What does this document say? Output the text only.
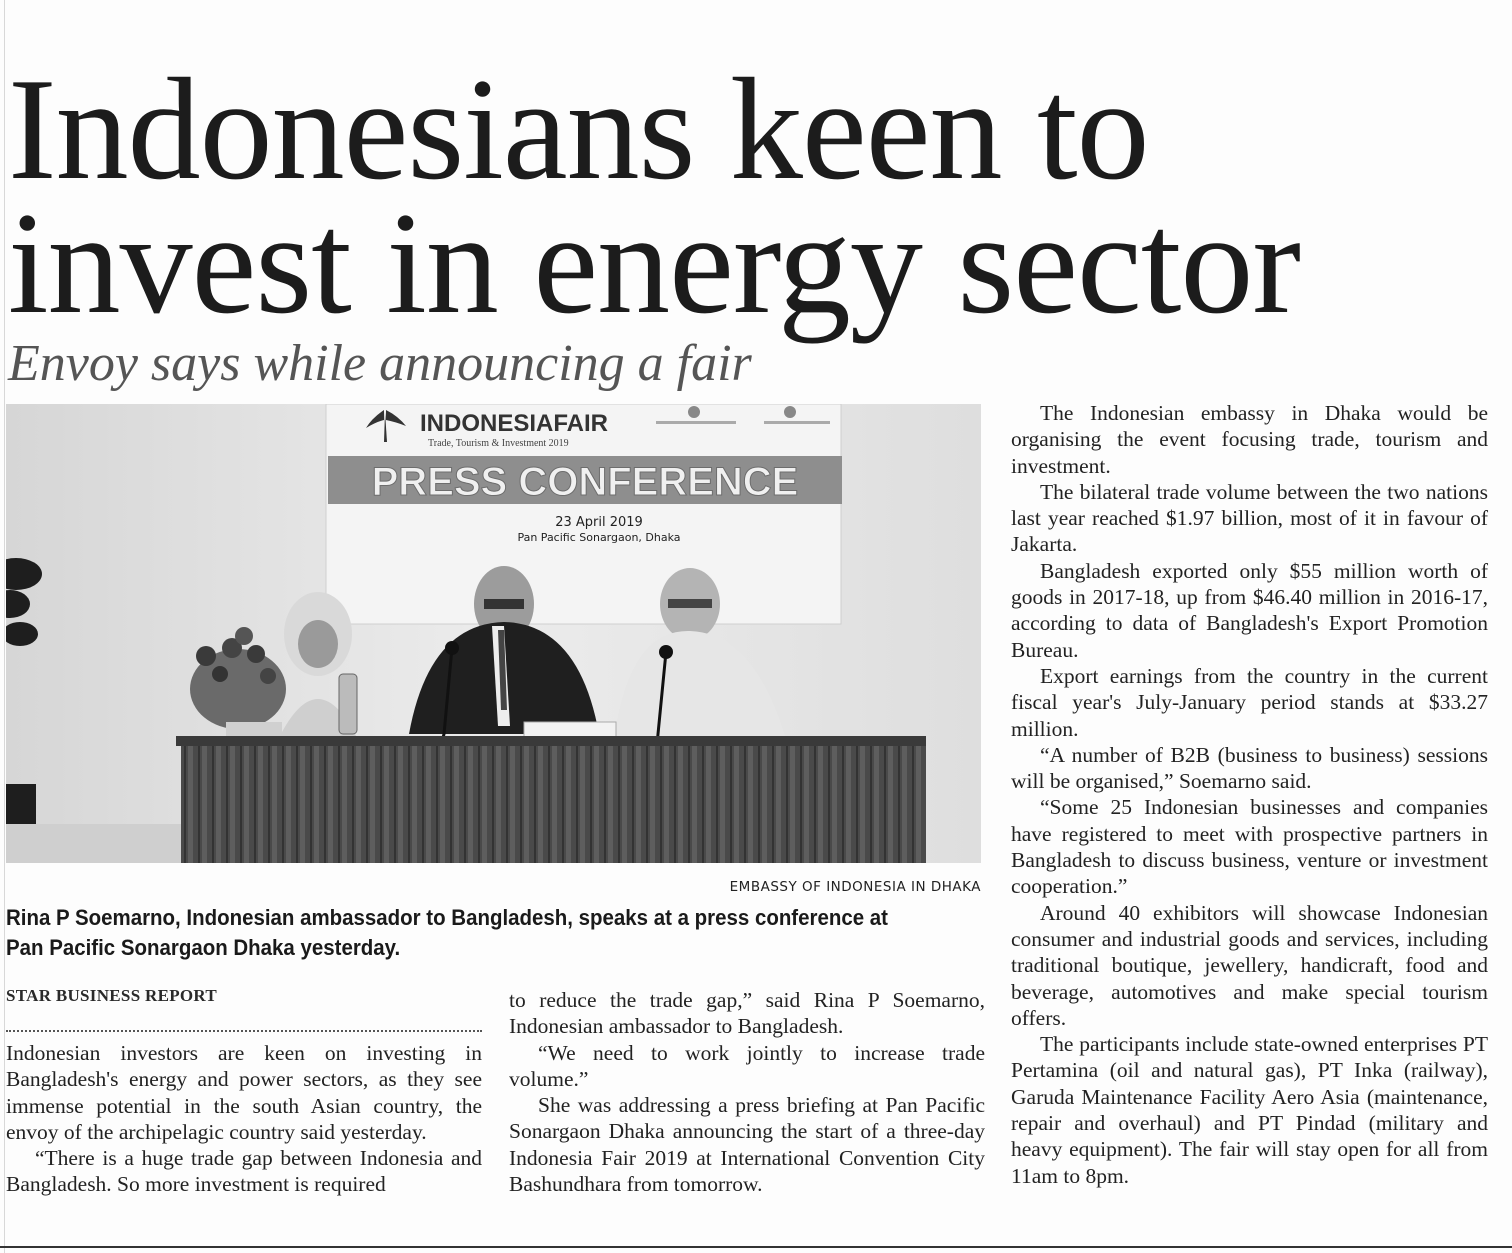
Indonesians keen to invest in energy sector
Envoy says while announcing a fair
INDONESIAFAIR
Trade, Tourism & Investment 2019
PRESS CONFERENCE
23 April 2019
Pan Pacific Sonargaon, Dhaka
EMBASSY OF INDONESIA IN DHAKA

Rina P Soemarno, Indonesian ambassador to Bangladesh, speaks at a press conference at Pan Pacific Sonargaon Dhaka yesterday.

STAR BUSINESS REPORT

Indonesian investors are keen on investing in Bangladesh's energy and power sectors, as they see immense potential in the south Asian country, the envoy of the archipelagic country said yesterday.

“There is a huge trade gap between Indonesia and Bangladesh. So more investment is required

to reduce the trade gap,” said Rina P Soemarno, Indonesian ambassador to Bangladesh.

“We need to work jointly to increase trade volume.”

She was addressing a press briefing at Pan Pacific Sonargaon Dhaka announcing the start of a three-day Indonesia Fair 2019 at International Convention City Bashundhara from tomorrow.

The Indonesian embassy in Dhaka would be organising the event focusing trade, tourism and investment.

The bilateral trade volume between the two nations last year reached $1.97 billion, most of it in favour of Jakarta.

Bangladesh exported only $55 million worth of goods in 2017-18, up from $46.40 million in 2016-17, according to data of Bangladesh's Export Promotion Bureau.

Export earnings from the country in the current fiscal year's July-January period stands at $33.27 million.

“A number of B2B (business to business) sessions will be organised,” Soemarno said.

“Some 25 Indonesian businesses and companies have registered to meet with prospective partners in Bangladesh to discuss business, venture or investment cooperation.”

Around 40 exhibitors will showcase Indonesian consumer and industrial goods and services, including traditional boutique, jewellery, handicraft, food and beverage, automotives and make special tourism offers.

The participants include state-owned enterprises PT Pertamina (oil and natural gas), PT Inka (railway), Garuda Maintenance Facility Aero Asia (maintenance, repair and overhaul) and PT Pindad (military and heavy equipment). The fair will stay open for all from 11am to 8pm.
